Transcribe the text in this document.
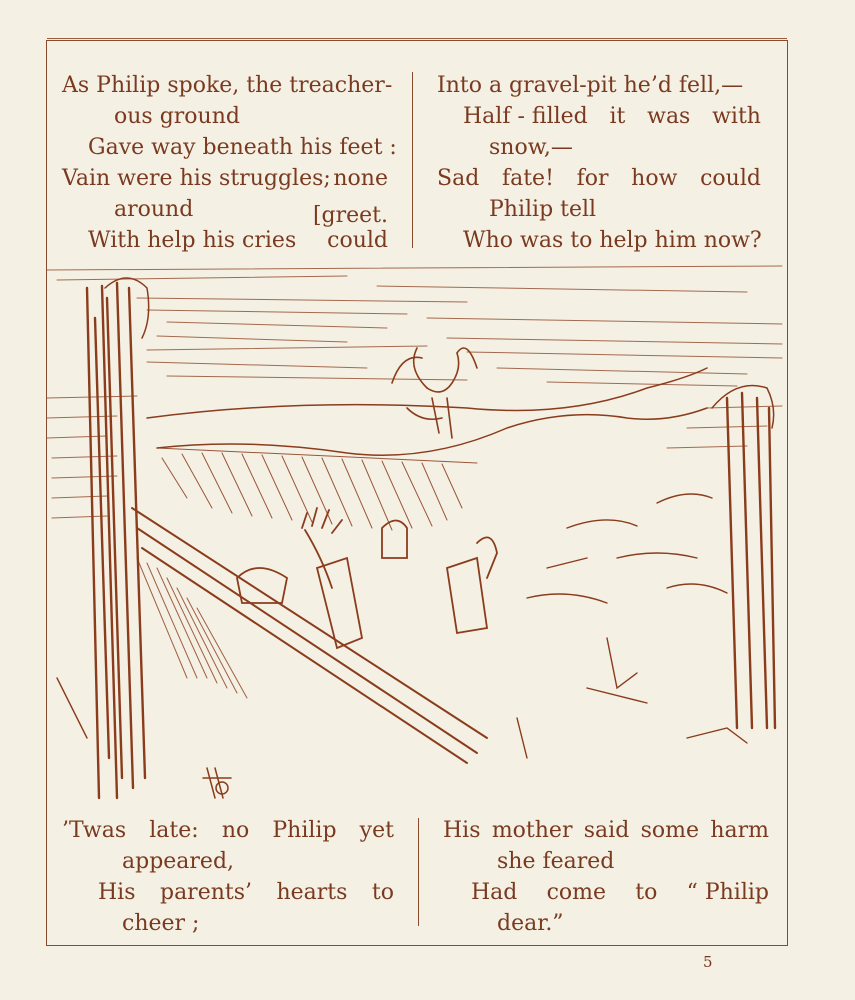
As Philip spoke, the treacher-
ous ground
Gave way beneath his feet :
Vain were his struggles; none
around	[greet.
With help his cries could
Into a gravel-pit he’d fell,—
Half - filled it was with
snow,—
Sad fate! for how could
Philip tell
Who was to help him now?
’Twas late: no Philip yet
appeared,
His parents’ hearts to
cheer ;
His mother said some harm
she feared
Had come to “ Philip
dear.”
5
